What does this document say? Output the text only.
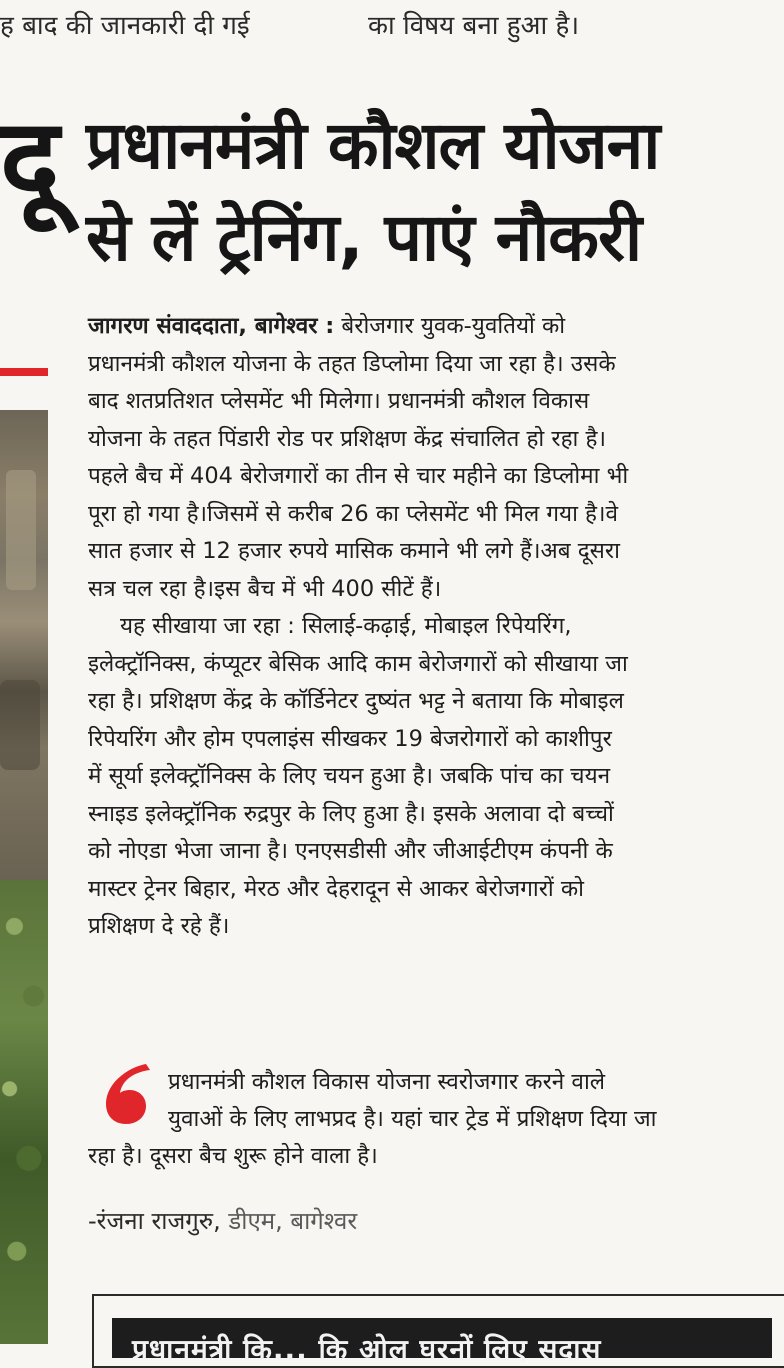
ह बाद की जानकारी दी गई	का विषय बना हुआ है।
दू प्रधानमंत्री कौशल योजना
से लें ट्रेनिंग, पाएं नौकरी
जागरण संवाददाता, बागेश्वर : बेरोजगार युवक-युवतियों को
प्रधानमंत्री कौशल योजना के तहत डिप्लोमा दिया जा रहा है। उसके
बाद शतप्रतिशत प्लेसमेंट भी मिलेगा। प्रधानमंत्री कौशल विकास
योजना के तहत पिंडारी रोड पर प्रशिक्षण केंद्र संचालित हो रहा है।
पहले बैच में 404 बेरोजगारों का तीन से चार महीने का डिप्लोमा भी
पूरा हो गया है।जिसमें से करीब 26 का प्लेसमेंट भी मिल गया है।वे
सात हजार से 12 हजार रुपये मासिक कमाने भी लगे हैं।अब दूसरा
सत्र चल रहा है।इस बैच में भी 400 सीटें हैं।
यह सीखाया जा रहा : सिलाई-कढ़ाई, मोबाइल रिपेयरिंग,
इलेक्ट्रॉनिक्स, कंप्यूटर बेसिक आदि काम बेरोजगारों को सीखाया जा
रहा है। प्रशिक्षण केंद्र के कॉर्डिनेटर दुष्यंत भट्ट ने बताया कि मोबाइल
रिपेयरिंग और होम एपलाइंस सीखकर 19 बेजरोगारों को काशीपुर
में सूर्या इलेक्ट्रॉनिक्स के लिए चयन हुआ है। जबकि पांच का चयन
स्नाइड इलेक्ट्रॉनिक रुद्रपुर के लिए हुआ है। इसके अलावा दो बच्चों
को नोएडा भेजा जाना है। एनएसडीसी और जीआईटीएम कंपनी के
मास्टर ट्रेनर बिहार, मेरठ और देहरादून से आकर बेरोजगारों को
प्रशिक्षण दे रहे हैं।
प्रधानमंत्री कौशल विकास योजना स्वरोजगार करने वाले
युवाओं के लिए लाभप्रद है। यहां चार ट्रेड में प्रशिक्षण दिया जा
रहा है। दूसरा बैच शुरू होने वाला है।
-रंजना राजगुरु, डीएम, बागेश्वर
प्रधानमंत्री कि... कि ओल घरनों लिए सदास
